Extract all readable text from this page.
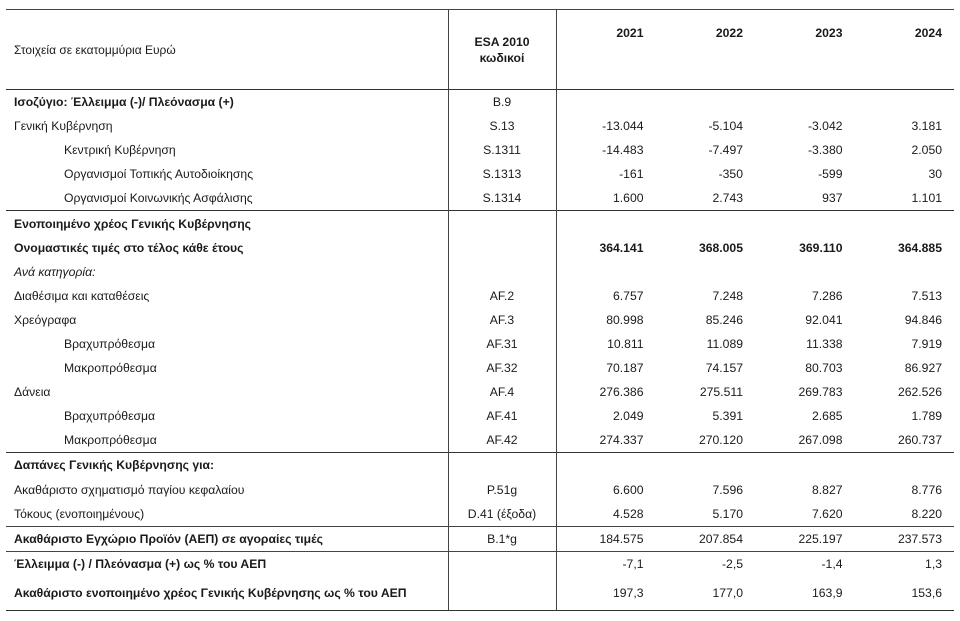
Στοιχεία σε εκατομμύρια Ευρώ	ESA 2010
κωδικοί	2021	2022	2023	2024
Ισοζύγιο: Έλλειμμα (-)/ Πλεόνασμα (+)	B.9				
Γενική Κυβέρνηση	S.13	-13.044	-5.104	-3.042	3.181
Κεντρική Κυβέρνηση	S.1311	-14.483	-7.497	-3.380	2.050
Οργανισμοί Τοπικής Αυτοδιοίκησης	S.1313	-161	-350	-599	30
Οργανισμοί Κοινωνικής Ασφάλισης	S.1314	1.600	2.743	937	1.101
Ενοποιημένο χρέος Γενικής Κυβέρνησης					
Ονομαστικές τιμές στο τέλος κάθε έτους		364.141	368.005	369.110	364.885
Ανά κατηγορία:					
Διαθέσιμα και καταθέσεις	AF.2	6.757	7.248	7.286	7.513
Χρεόγραφα	AF.3	80.998	85.246	92.041	94.846
Βραχυπρόθεσμα	AF.31	10.811	11.089	11.338	7.919
Μακροπρόθεσμα	AF.32	70.187	74.157	80.703	86.927
Δάνεια	AF.4	276.386	275.511	269.783	262.526
Βραχυπρόθεσμα	AF.41	2.049	5.391	2.685	1.789
Μακροπρόθεσμα	AF.42	274.337	270.120	267.098	260.737
Δαπάνες Γενικής Κυβέρνησης για:					
Ακαθάριστο σχηματισμό παγίου κεφαλαίου	P.51g	6.600	7.596	8.827	8.776
Τόκους (ενοποιημένους)	D.41 (έξοδα)	4.528	5.170	7.620	8.220
Ακαθάριστο Εγχώριο Προϊόν (ΑΕΠ) σε αγοραίες τιμές	B.1*g	184.575	207.854	225.197	237.573
Έλλειμμα (-) / Πλεόνασμα (+) ως % του ΑΕΠ		-7,1	-2,5	-1,4	1,3
Ακαθάριστο ενοποιημένο χρέος Γενικής Κυβέρνησης ως % του ΑΕΠ		197,3	177,0	163,9	153,6
